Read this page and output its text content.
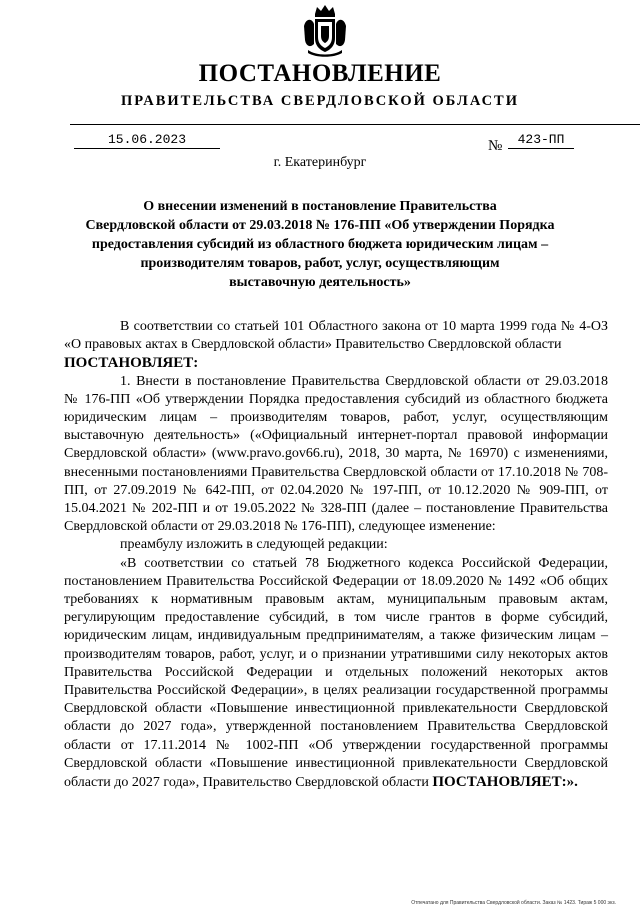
ПОСТАНОВЛЕНИЕ
ПРАВИТЕЛЬСТВА СВЕРДЛОВСКОЙ ОБЛАСТИ
15.06.2023	№	423-ПП
г. Екатеринбург
О внесении изменений в постановление Правительства
Свердловской области от 29.03.2018 № 176-ПП «Об утверждении Порядка
предоставления субсидий из областного бюджета юридическим лицам –
производителям товаров, работ, услуг, осуществляющим
выставочную деятельность»

В соответствии со статьей 101 Областного закона от 10 марта 1999 года № 4-ОЗ «О правовых актах в Свердловской области» Правительство Свердловской области

ПОСТАНОВЛЯЕТ:

1. Внести в постановление Правительства Свердловской области от 29.03.2018 № 176-ПП «Об утверждении Порядка предоставления субсидий из областного бюджета юридическим лицам – производителям товаров, работ, услуг, осуществляющим выставочную деятельность» («Официальный интернет-портал правовой информации Свердловской области» (www.pravo.gov66.ru), 2018, 30 марта, № 16970) с изменениями, внесенными постановлениями Правительства Свердловской области от 17.10.2018 № 708-ПП, от 27.09.2019 № 642-ПП, от 02.04.2020 № 197-ПП, от 10.12.2020 № 909-ПП, от 15.04.2021 № 202-ПП и от 19.05.2022 № 328-ПП (далее – постановление Правительства Свердловской области от 29.03.2018 № 176-ПП), следующее изменение:

преамбулу изложить в следующей редакции:

«В соответствии со статьей 78 Бюджетного кодекса Российской Федерации, постановлением Правительства Российской Федерации от 18.09.2020 № 1492 «Об общих требованиях к нормативным правовым актам, муниципальным правовым актам, регулирующим предоставление субсидий, в том числе грантов в форме субсидий, юридическим лицам, индивидуальным предпринимателям, а также физическим лицам – производителям товаров, работ, услуг, и о признании утратившими силу некоторых актов Правительства Российской Федерации и отдельных положений некоторых актов Правительства Российской Федерации», в целях реализации государственной программы Свердловской области «Повышение инвестиционной привлекательности Свердловской области до 2027 года», утвержденной постановлением Правительства Свердловской области от 17.11.2014 № 1002-ПП «Об утверждении государственной программы Свердловской области «Повышение инвестиционной привлекательности Свердловской области до 2027 года», Правительство Свердловской области ПОСТАНОВЛЯЕТ:».

Отпечатано для Правительства Свердловской области. Заказ № 1423. Тираж 5 000 экз.
